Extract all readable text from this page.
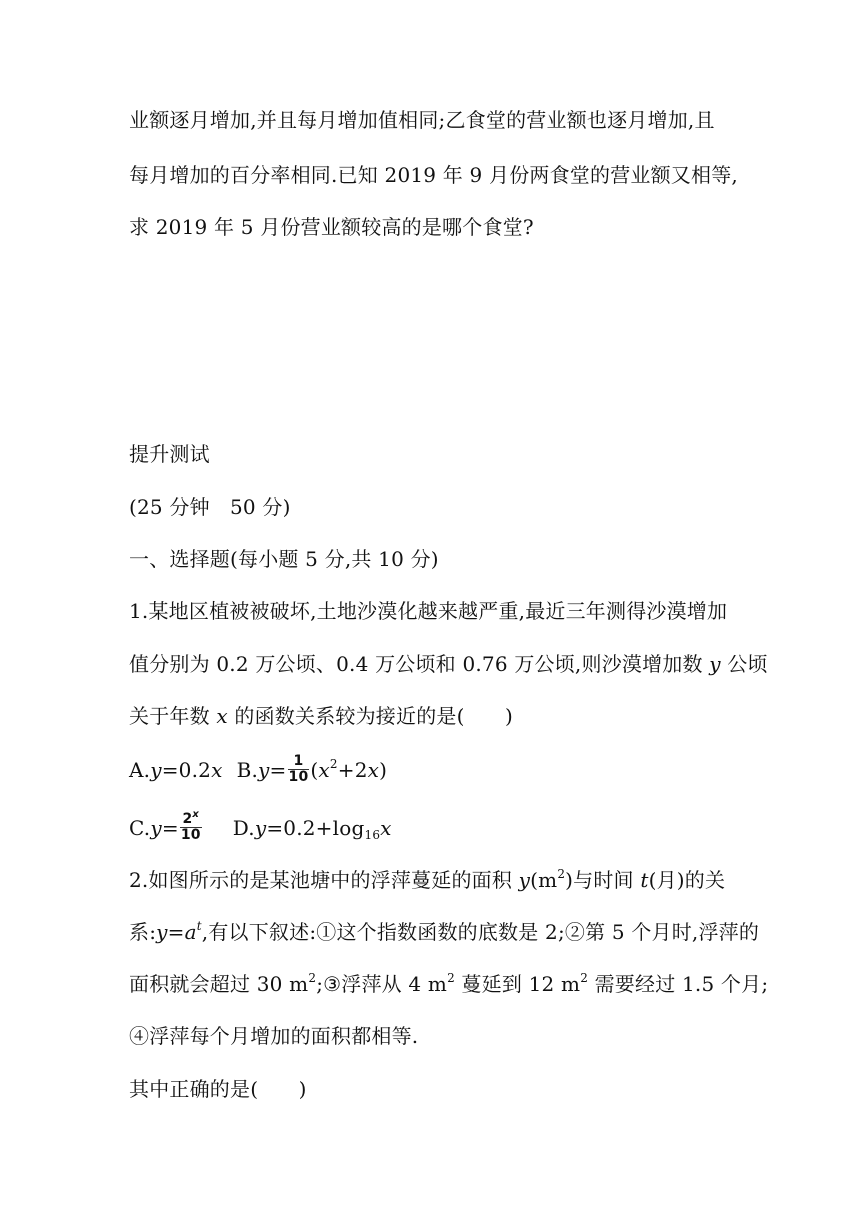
业额逐月增加,并且每月增加值相同;乙食堂的营业额也逐月增加,且
每月增加的百分率相同.已知 2019 年 9 月份两食堂的营业额又相等,
求 2019 年 5 月份营业额较高的是哪个食堂?
提升测试
(25 分钟　50 分)
一、选择题(每小题 5 分,共 10 分)
1.某地区植被被破坏,土地沙漠化越来越严重,最近三年测得沙漠增加
值分别为 0.2 万公顷、0.4 万公顷和 0.76 万公顷,则沙漠增加数 y 公顷
关于年数 x 的函数关系较为接近的是(　　)
A.y=0.2x $B.y= \frac{1}{10} (x^2+2x)$
$C.y= \frac{2^x}{10} D.y=0.2+\log_{16}x$
2.如图所示的是某池塘中的浮萍蔓延的面积 $y(m^2)$与时间 t(月)的关
系$:y=a^t$,有以下叙述:①这个指数函数的底数是 2;②第 5 个月时,浮萍的
面积就会超过 30 $m^2;③$浮萍从 4 $m^2$ 蔓延到 12 $m^2$ 需要经过 1.5 个月;
④浮萍每个月增加的面积都相等.
其中正确的是(　　)
